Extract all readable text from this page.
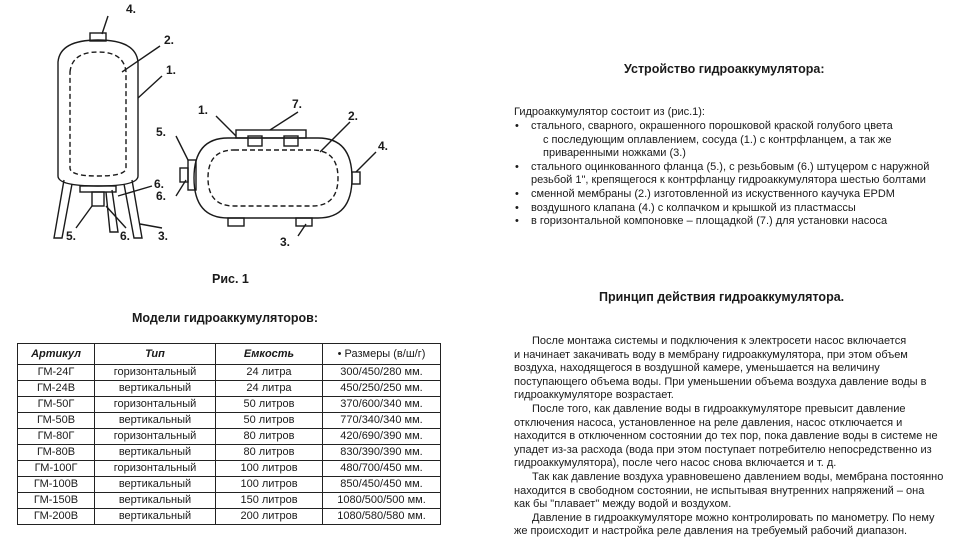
4.
2.
1.
6.
5.	6. 3.
1.	7.
2.
5.
4.
6.
3.
Рис. 1
Модели гидроаккумуляторов:
Артикул	Тип	Емкость	• Размеры (в/ш/г)
ГМ-24Г	горизонтальный	24 литра	300/450/280 мм.
ГМ-24В	вертикальный	24 литра	450/250/250 мм.
ГМ-50Г	горизонтальный	50 литров	370/600/340 мм.
ГМ-50В	вертикальный	50 литров	770/340/340 мм.
ГМ-80Г	горизонтальный	80 литров	420/690/390 мм.
ГМ-80В	вертикальный	80 литров	830/390/390 мм.
ГМ-100Г	горизонтальный	100 литров	480/700/450 мм.
ГМ-100В	вертикальный	100 литров	850/450/450 мм.
ГМ-150В	вертикальный	150 литров	1080/500/500 мм.
ГМ-200В	вертикальный	200 литров	1080/580/580 мм.
Устройство гидроаккумулятора:
Гидроаккумулятор состоит из (рис.1):
• стального, сварного, окрашенного порошковой краской голубого цвета
с последующим оплавлением, сосуда (1.) с контрфланцем, а так же
приваренными ножками (3.)
• стального оцинкованного фланца (5.), с резьбовым (6.) штуцером с наружной
резьбой 1", крепящегося к контрфланцу гидроаккумулятора шестью болтами
• сменной мембраны (2.) изготовленной из искуственного каучука EPDM
• воздушного клапана (4.) с колпачком и крышкой из пластмассы
• в горизонтальной компоновке – площадкой (7.) для установки насоса
Принцип действия гидроаккумулятора.
После монтажа системы и подключения к электросети насос включается
и начинает закачивать воду в мембрану гидроаккумулятора, при этом объем
воздуха, находящегося в воздушной камере, уменьшается на величину
поступающего объема воды. При уменьшении объема воздуха давление воды в
гидроаккумуляторе возрастает.
После того, как давление воды в гидроаккумуляторе превысит давление
отключения насоса, установленное на реле давления, насос отключается и
находится в отключенном состоянии до тех пор, пока давление воды в системе не
упадет из-за расхода (вода при этом поступает потребителю непосредственно из
гидроаккумулятора), после чего насос снова включается и т. д.
Так как давление воздуха уравновешено давлением воды, мембрана постоянно
находится в свободном состоянии, не испытывая внутренних напряжений – она
как бы "плавает" между водой и воздухом.
Давление в гидроаккумуляторе можно контролировать по манометру. По нему
же происходит и настройка реле давления на требуемый рабочий диапазон.
